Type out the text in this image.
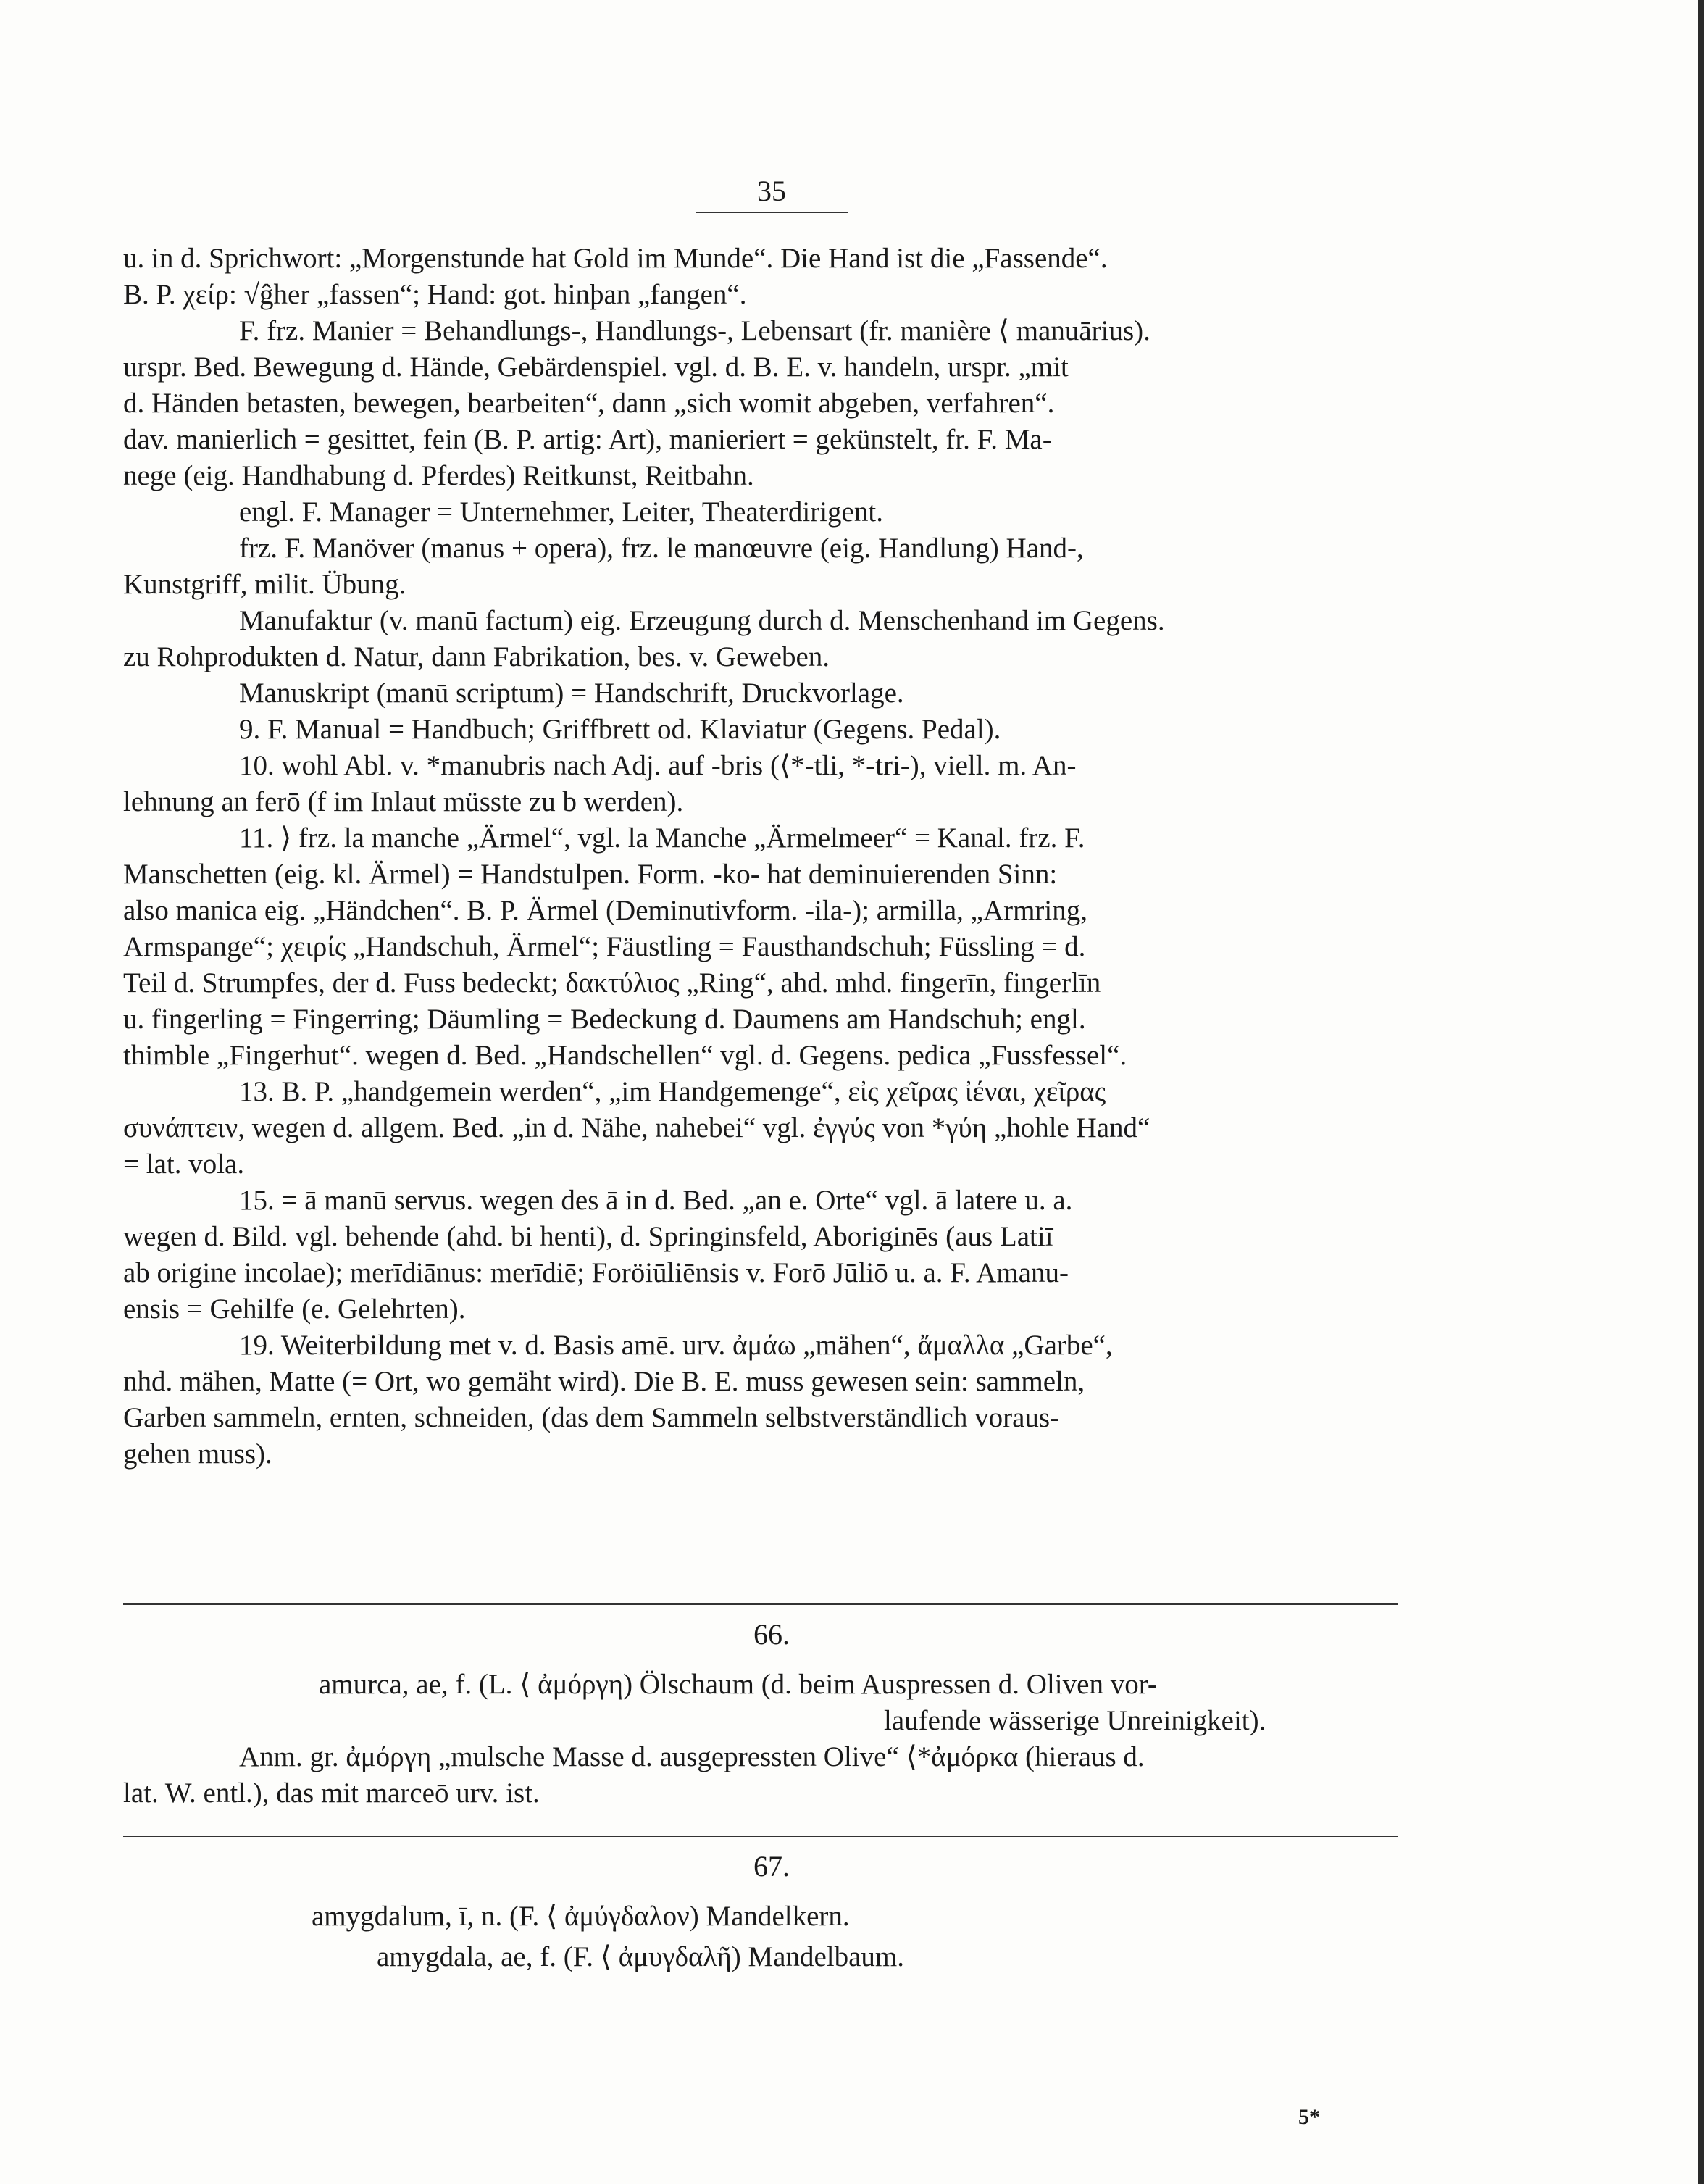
35
u. in d. Sprichwort: „Morgenstunde hat Gold im Munde“. Die Hand ist die „Fassende“.
B. P. χείρ: √ĝher „fassen“; Hand: got. hinþan „fangen“.
F. frz. Manier = Behandlungs-, Handlungs-, Lebensart (fr. manière ⟨ manuārius).
urspr. Bed. Bewegung d. Hände, Gebärdenspiel. vgl. d. B. E. v. handeln, urspr. „mit
d. Händen betasten, bewegen, bearbeiten“, dann „sich womit abgeben, verfahren“.
dav. manierlich = gesittet, fein (B. P. artig: Art), manieriert = gekünstelt, fr. F. Ma-
nege (eig. Handhabung d. Pferdes) Reitkunst, Reitbahn.
engl. F. Manager = Unternehmer, Leiter, Theaterdirigent.
frz. F. Manöver (manus + opera), frz. le manœuvre (eig. Handlung) Hand-,
Kunstgriff, milit. Übung.
Manufaktur (v. manū factum) eig. Erzeugung durch d. Menschenhand im Gegens.
zu Rohprodukten d. Natur, dann Fabrikation, bes. v. Geweben.
Manuskript (manū scriptum) = Handschrift, Druckvorlage.
9. F. Manual = Handbuch; Griffbrett od. Klaviatur (Gegens. Pedal).
10. wohl Abl. v. *manubris nach Adj. auf -bris (⟨*-tli, *-tri-), viell. m. An-
lehnung an ferō (f im Inlaut müsste zu b werden).
11. ⟩ frz. la manche „Ärmel“, vgl. la Manche „Ärmelmeer“ = Kanal. frz. F.
Manschetten (eig. kl. Ärmel) = Handstulpen. Form. -ko- hat deminuierenden Sinn:
also manica eig. „Händchen“. B. P. Ärmel (Deminutivform. -ila-); armilla, „Armring,
Armspange“; χειρίς „Handschuh, Ärmel“; Fäustling = Fausthandschuh; Füssling = d.
Teil d. Strumpfes, der d. Fuss bedeckt; δακτύλιος „Ring“, ahd. mhd. fingerīn, fingerlīn
u. fingerling = Fingerring; Däumling = Bedeckung d. Daumens am Handschuh; engl.
thimble „Fingerhut“. wegen d. Bed. „Handschellen“ vgl. d. Gegens. pedica „Fussfessel“.
13. B. P. „handgemein werden“, „im Handgemenge“, εἰς χεῖρας ἰέναι, χεῖρας
συνάπτειν, wegen d. allgem. Bed. „in d. Nähe, nahebei“ vgl. ἐγγύς von *γύη „hohle Hand“
= lat. vola.
15. = ā manū servus. wegen des ā in d. Bed. „an e. Orte“ vgl. ā latere u. a.
wegen d. Bild. vgl. behende (ahd. bi henti), d. Springinsfeld, Aboriginēs (aus Latiī
ab origine incolae); merīdiānus: merīdiē; Foröiūliēnsis v. Forō Jūliō u. a. F. Amanu-
ensis = Gehilfe (e. Gelehrten).
19. Weiterbildung met v. d. Basis amē. urv. ἀμάω „mähen“, ἄμαλλα „Garbe“,
nhd. mähen, Matte (= Ort, wo gemäht wird). Die B. E. muss gewesen sein: sammeln,
Garben sammeln, ernten, schneiden, (das dem Sammeln selbstverständlich voraus-
gehen muss).
66.
amurca, ae, f. (L. ⟨ ἀμόργη) Ölschaum (d. beim Auspressen d. Oliven vor-
laufende wässerige Unreinigkeit).
Anm. gr. ἀμόργη „mulsche Masse d. ausgepressten Olive“ ⟨*ἀμόρκα (hieraus d.
lat. W. entl.), das mit marceō urv. ist.
67.
amygdalum, ī, n. (F. ⟨ ἀμύγδαλον) Mandelkern.
amygdala, ae, f. (F. ⟨ ἀμυγδαλῆ) Mandelbaum.
5*
